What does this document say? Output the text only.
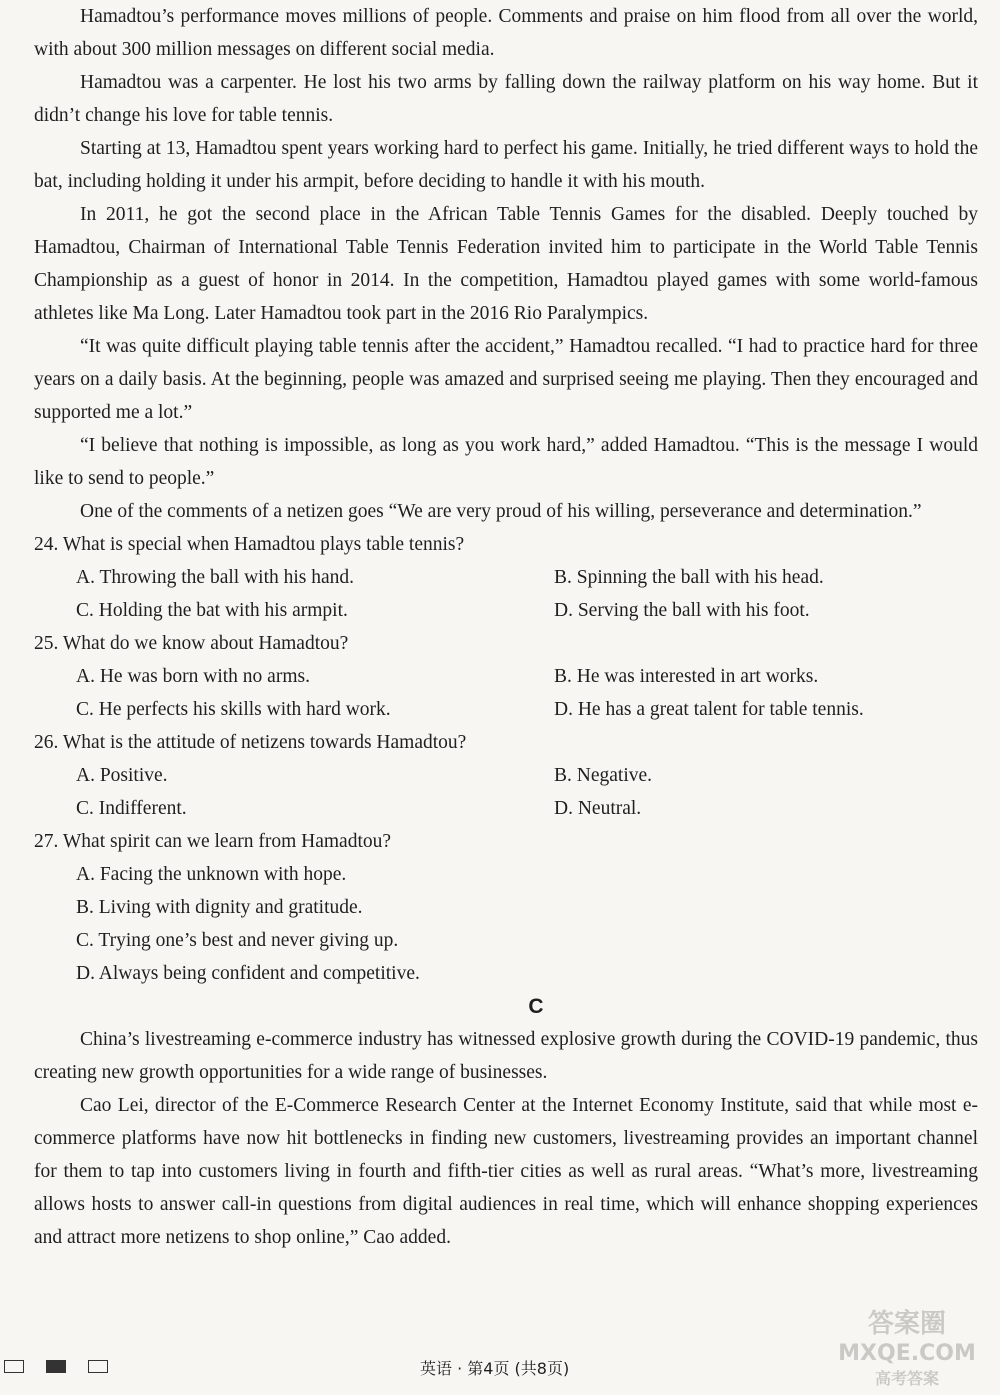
Hamadtou’s performance moves millions of people. Comments and praise on him flood from all over the world, with about 300 million messages on different social media.

Hamadtou was a carpenter. He lost his two arms by falling down the railway platform on his way home. But it didn’t change his love for table tennis.

Starting at 13, Hamadtou spent years working hard to perfect his game. Initially, he tried different ways to hold the bat, including holding it under his armpit, before deciding to handle it with his mouth.

In 2011, he got the second place in the African Table Tennis Games for the disabled. Deeply touched by Hamadtou, Chairman of International Table Tennis Federation invited him to participate in the World Table Tennis Championship as a guest of honor in 2014. In the competition, Hamadtou played games with some world-famous athletes like Ma Long. Later Hamadtou took part in the 2016 Rio Paralympics.

“It was quite difficult playing table tennis after the accident,” Hamadtou recalled. “I had to practice hard for three years on a daily basis. At the beginning, people was amazed and surprised seeing me playing. Then they encouraged and supported me a lot.”

“I believe that nothing is impossible, as long as you work hard,” added Hamadtou. “This is the message I would like to send to people.”

One of the comments of a netizen goes “We are very proud of his willing, perseverance and determination.”

24. What is special when Hamadtou plays table tennis?

A. Throwing the ball with his hand.	B. Spinning the ball with his head.
C. Holding the bat with his armpit.	D. Serving the ball with his foot.

25. What do we know about Hamadtou?

A. He was born with no arms.	B. He was interested in art works.
C. He perfects his skills with hard work.	D. He has a great talent for table tennis.

26. What is the attitude of netizens towards Hamadtou?

A. Positive.	B. Negative.
C. Indifferent.	D. Neutral.

27. What spirit can we learn from Hamadtou?

A. Facing the unknown with hope.
B. Living with dignity and gratitude.
C. Trying one’s best and never giving up.
D. Always being confident and competitive.
C

China’s livestreaming e-commerce industry has witnessed explosive growth during the COVID-19 pandemic, thus creating new growth opportunities for a wide range of businesses.

Cao Lei, director of the E-Commerce Research Center at the Internet Economy Institute, said that while most e-commerce platforms have now hit bottlenecks in finding new customers, livestreaming provides an important channel for them to tap into customers living in fourth and fifth-tier cities as well as rural areas. “What’s more, livestreaming allows hosts to answer call-in questions from digital audiences in real time, which will enhance shopping experiences and attract more netizens to shop online,” Cao added.

英语 · 第4页 (共8页)
答案圈
MXQE.COM
高考答案
